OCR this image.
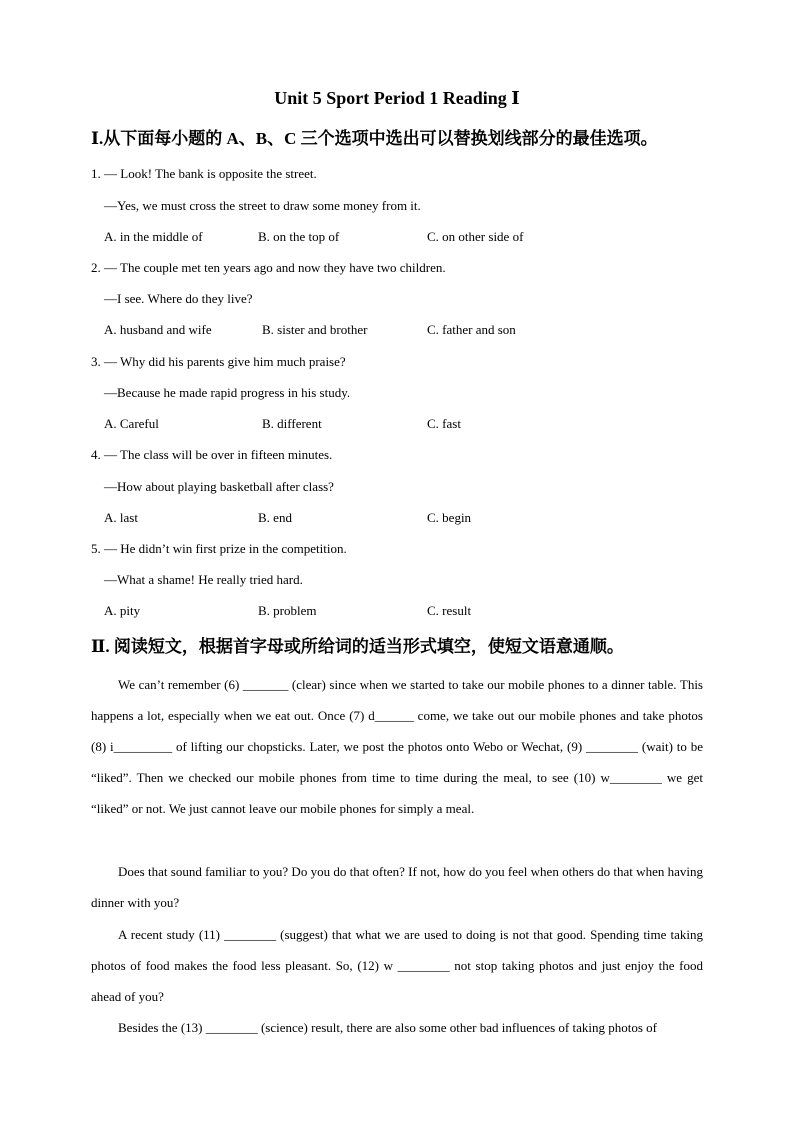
Unit 5 Sport Period 1 Reading Ⅰ
Ⅰ.从下面每小题的 A、B、C 三个选项中选出可以替换划线部分的最佳选项。
1. — Look! The bank is opposite the street.
—Yes, we must cross the street to draw some money from it.
A. in the middle of	B. on the top of	C. on other side of
2. — The couple met ten years ago and now they have two children.
—I see. Where do they live?
A. husband and wife	B. sister and brother	C. father and son
3. — Why did his parents give him much praise?
—Because he made rapid progress in his study.
A. Careful	B. different	C. fast
4. — The class will be over in fifteen minutes.
—How about playing basketball after class?
A. last	B. end	C. begin
5. — He didn’t win first prize in the competition.
—What a shame! He really tried hard.
A. pity	B. problem	C. result
Ⅱ. 阅读短文，根据首字母或所给词的适当形式填空，使短文语意通顺。
We can’t remember (6) _______ (clear) since when we started to take our mobile phones to a dinner table. This happens a lot, especially when we eat out. Once (7) d______ come, we take out our mobile phones and take photos (8) i_________ of lifting our chopsticks. Later, we post the photos onto Webo or Wechat, (9) ________ (wait) to be “liked”. Then we checked our mobile phones from time to time during the meal, to see (10) w________ we get “liked” or not. We just cannot leave our mobile phones for simply a meal.
Does that sound familiar to you? Do you do that often? If not, how do you feel when others do that when having dinner with you?
A recent study (11) ________ (suggest) that what we are used to doing is not that good. Spending time taking photos of food makes the food less pleasant. So, (12) w ________ not stop taking photos and just enjoy the food ahead of you?
Besides the (13) ________ (science) result, there are also some other bad influences of taking photos of
